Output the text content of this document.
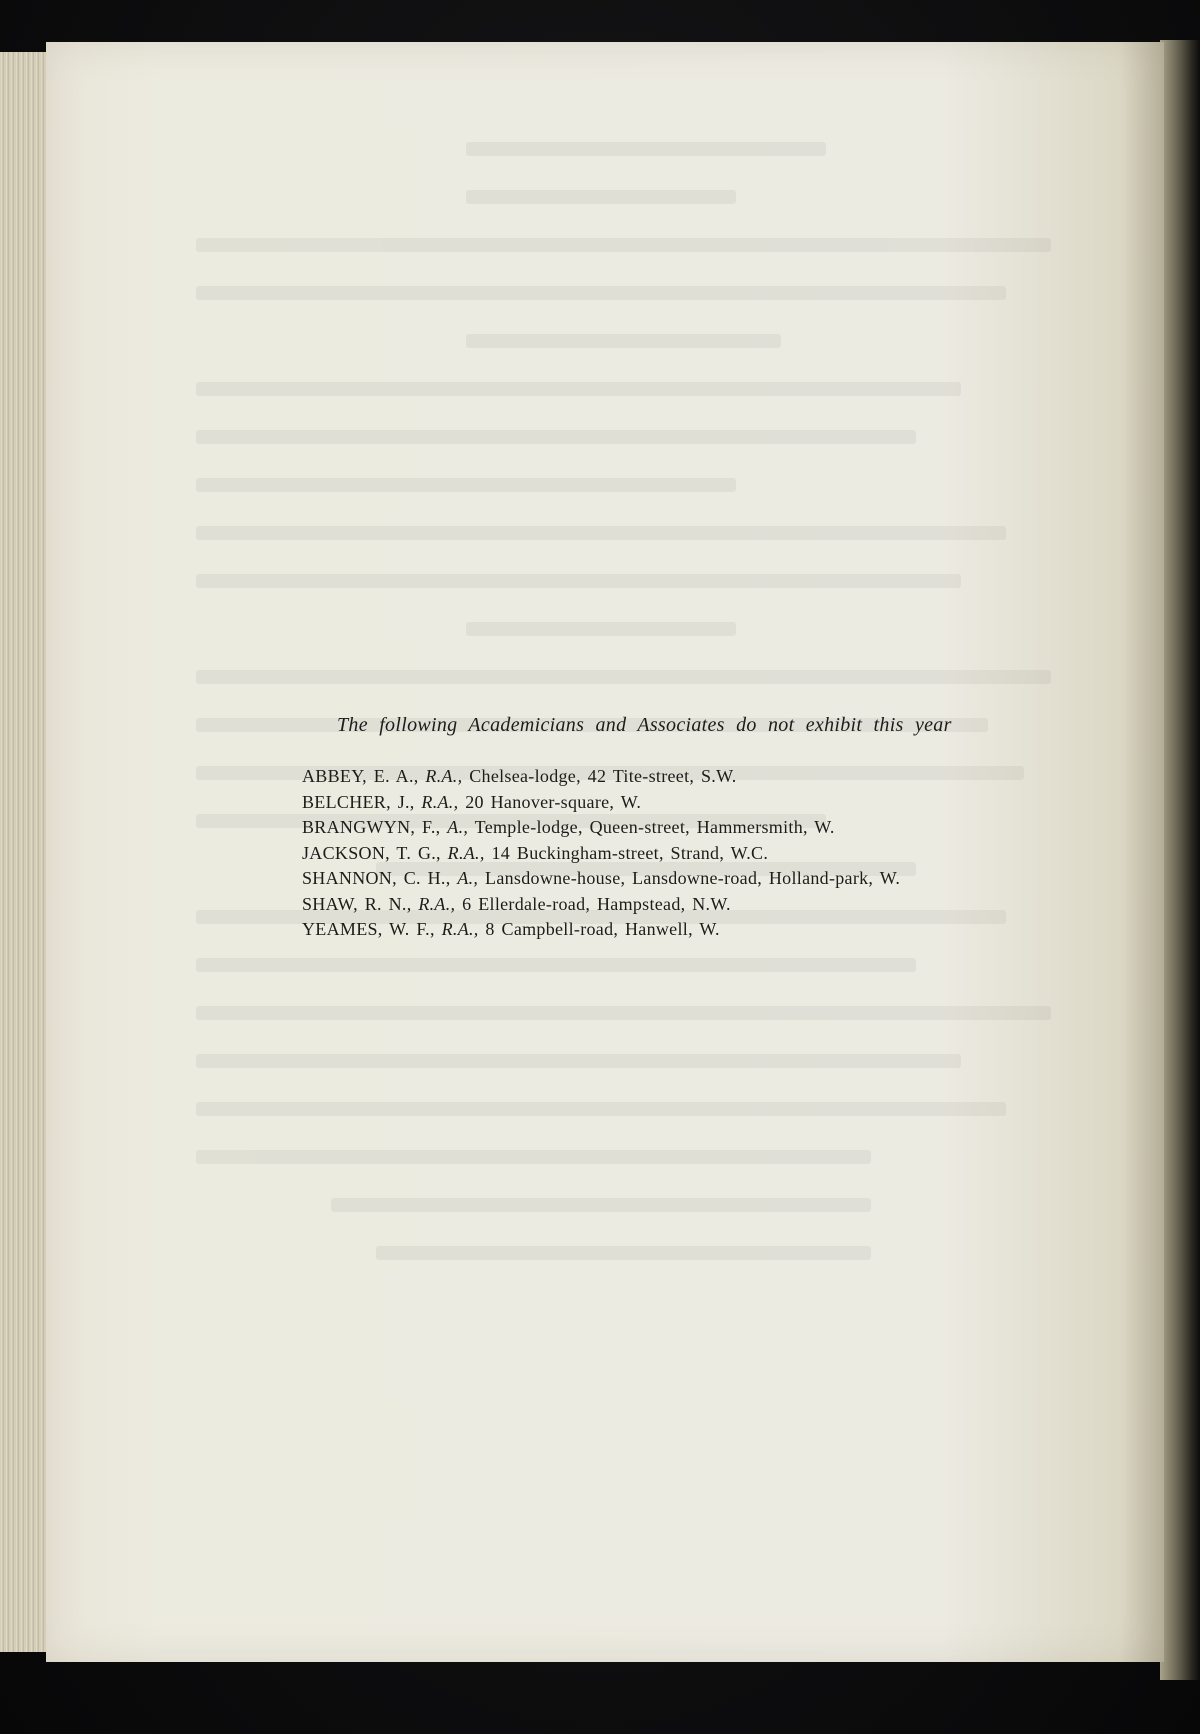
The following Academicians and Associates do not exhibit this year
ABBEY, E. A., R.A., Chelsea-lodge, 42 Tite-street, S.W.
BELCHER, J., R.A., 20 Hanover-square, W.
BRANGWYN, F., A., Temple-lodge, Queen-street, Hammersmith, W.
JACKSON, T. G., R.A., 14 Buckingham-street, Strand, W.C.
SHANNON, C. H., A., Lansdowne-house, Lansdowne-road, Holland-park, W.
SHAW, R. N., R.A., 6 Ellerdale-road, Hampstead, N.W.
YEAMES, W. F., R.A., 8 Campbell-road, Hanwell, W.
